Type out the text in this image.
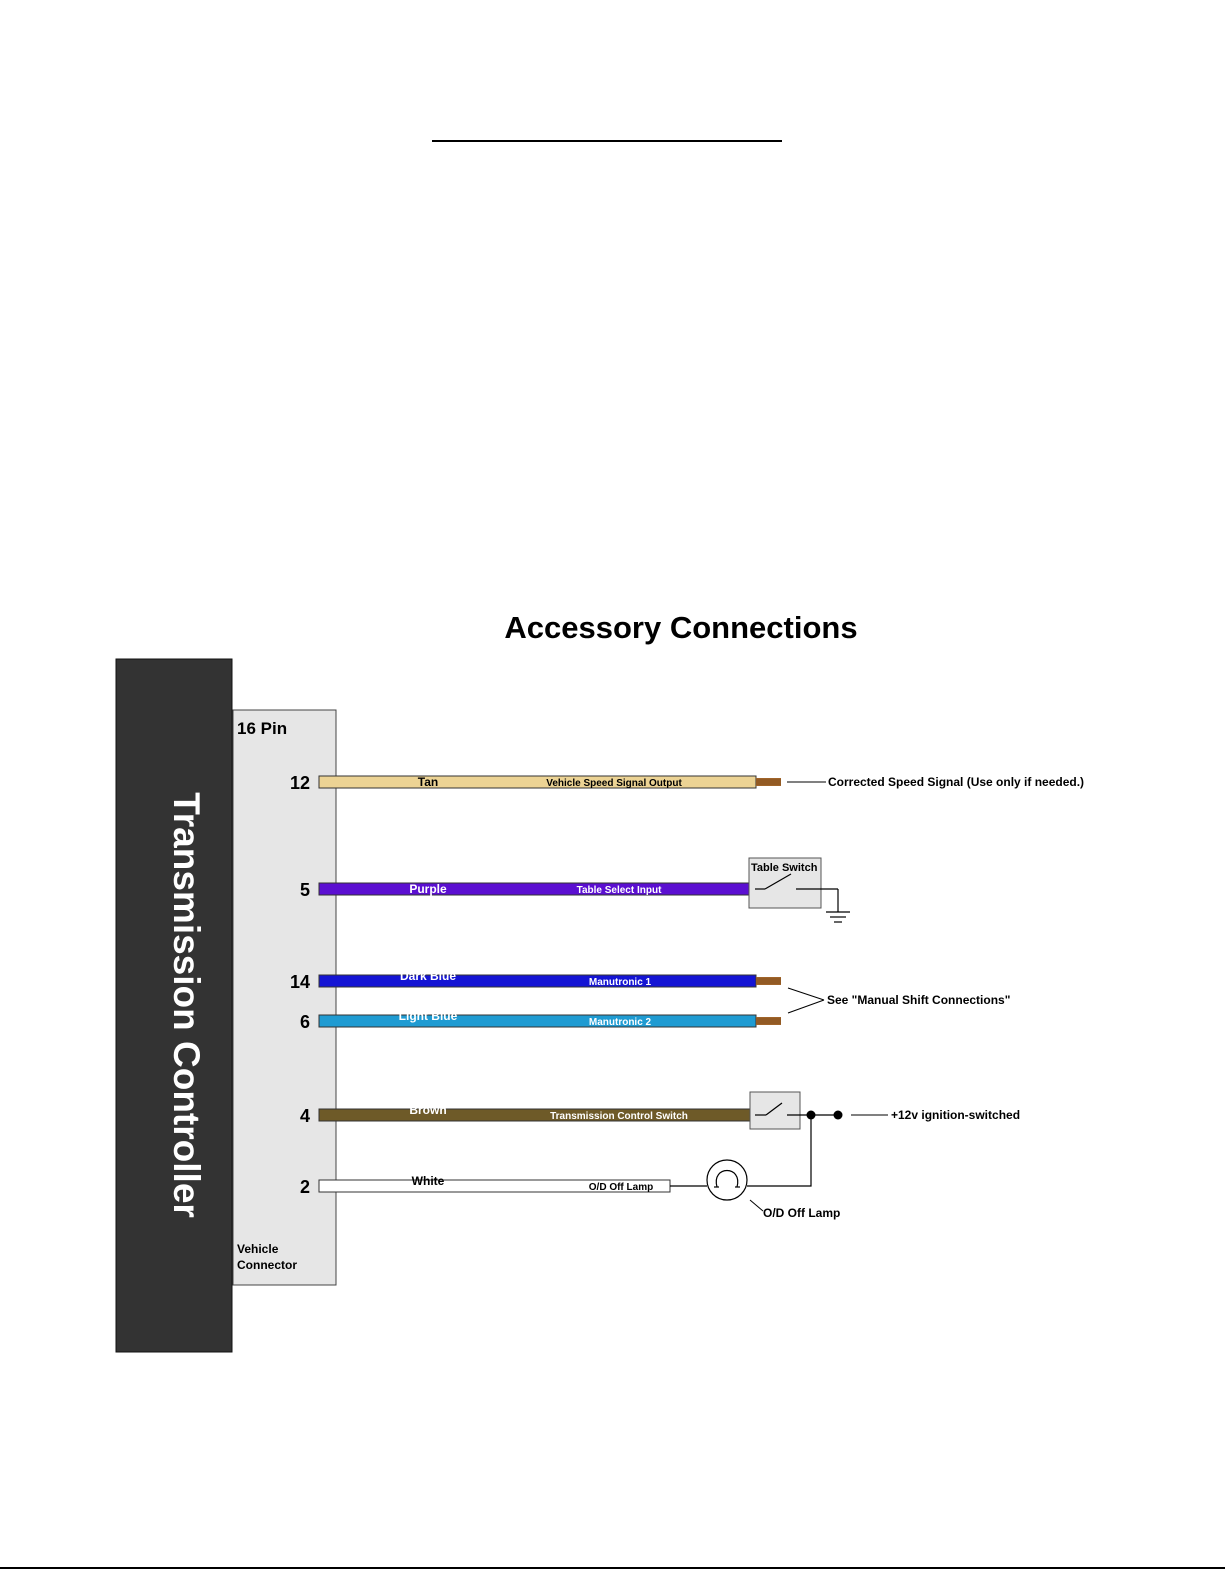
Accessory Connections
Transmission Controller
16 Pin
Vehicle
Connector
12	Tan	Vehicle Speed Signal Output
5	Purple	Table Select Input
14	Dark Blue	Manutronic 1
6	Light Blue	Manutronic 2
4	Brown	Transmission Control Switch
2	White	O/D Off Lamp
Corrected Speed Signal (Use only if needed.)
Table Switch
See "Manual Shift Connections"
+12v ignition-switched
O/D Off Lamp
